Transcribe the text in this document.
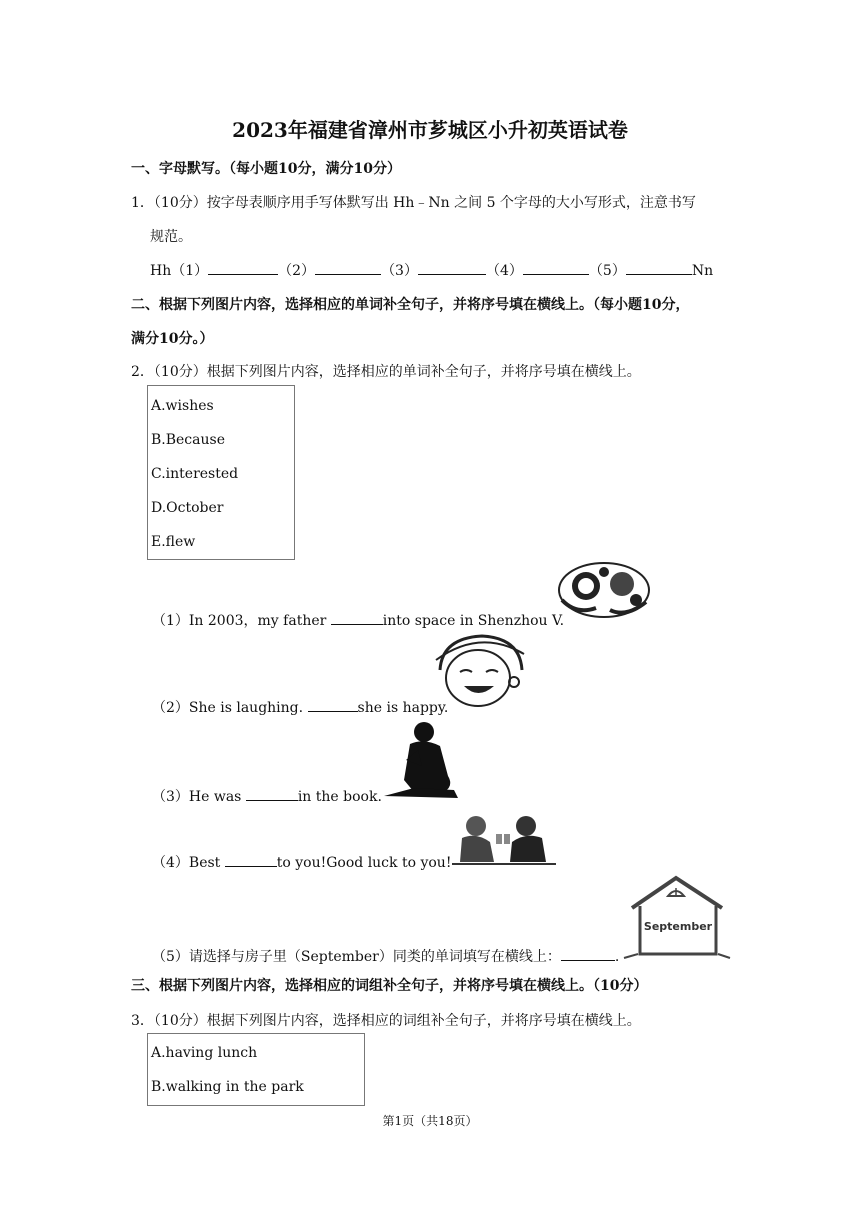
2023年福建省漳州市芗城区小升初英语试卷
一、字母默写。（每小题10分，满分10分）
1．（10分）按字母表顺序用手写体默写出 Hh﹣Nn 之间 5 个字母的大小写形式，注意书写
规范。
Hh（1）	（2）	（3）	（4）	（5）	Nn
二、根据下列图片内容，选择相应的单词补全句子，并将序号填在横线上。（每小题10分，
满分10分。）
2．（10分）根据下列图片内容，选择相应的单词补全句子，并将序号填在横线上。
A.wishes
B.Because
C.interested
D.October
E.flew
（1）In 2003，my father	into space in Shenzhou V.
（2）She is laughing.	she is happy.
（3）He was	in the book.
（4）Best	to you!Good luck to you!
（5）请选择与房子里（September）同类的单词填写在横线上：	.
September
三、根据下列图片内容，选择相应的词组补全句子，并将序号填在横线上。（10分）
3．（10分）根据下列图片内容，选择相应的词组补全句子，并将序号填在横线上。
A.having lunch
B.walking in the park
第1页（共18页）
